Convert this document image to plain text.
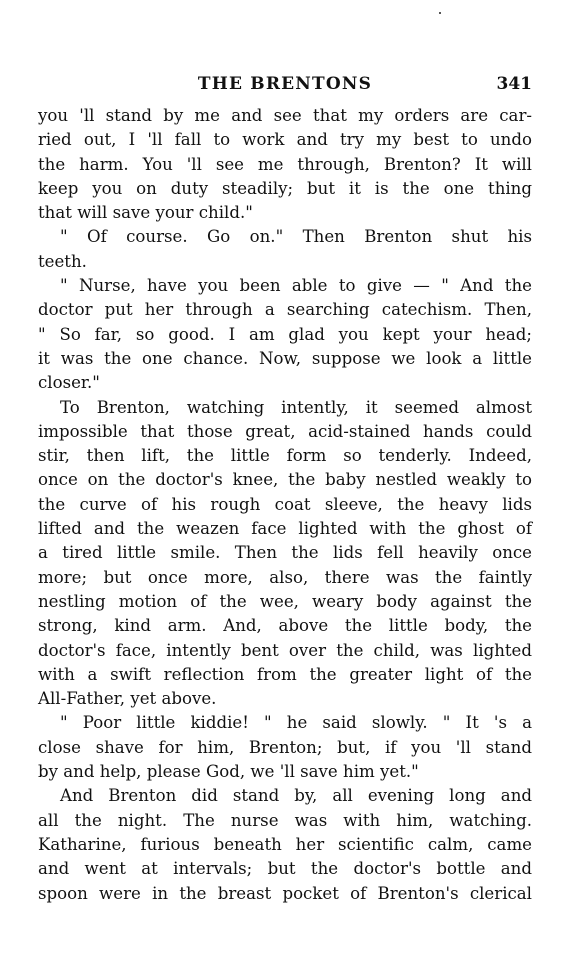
THE BRENTONS	341
you 'll stand by me and see that my orders are car-
ried out, I 'll fall to work and try my best to undo
the harm. You 'll see me through, Brenton? It will
keep you on duty steadily; but it is the one thing
that will save your child."
" Of course. Go on." Then Brenton shut his
teeth.
" Nurse, have you been able to give — " And the
doctor put her through a searching catechism. Then,
" So far, so good. I am glad you kept your head;
it was the one chance. Now, suppose we look a little
closer."
To Brenton, watching intently, it seemed almost
impossible that those great, acid-stained hands could
stir, then lift, the little form so tenderly. Indeed,
once on the doctor's knee, the baby nestled weakly to
the curve of his rough coat sleeve, the heavy lids
lifted and the weazen face lighted with the ghost of
a tired little smile. Then the lids fell heavily once
more; but once more, also, there was the faintly
nestling motion of the wee, weary body against the
strong, kind arm. And, above the little body, the
doctor's face, intently bent over the child, was lighted
with a swift reflection from the greater light of the
All-Father, yet above.
" Poor little kiddie! " he said slowly. " It 's a
close shave for him, Brenton; but, if you 'll stand
by and help, please God, we 'll save him yet."
And Brenton did stand by, all evening long and
all the night. The nurse was with him, watching.
Katharine, furious beneath her scientific calm, came
and went at intervals; but the doctor's bottle and
spoon were in the breast pocket of Brenton's clerical
